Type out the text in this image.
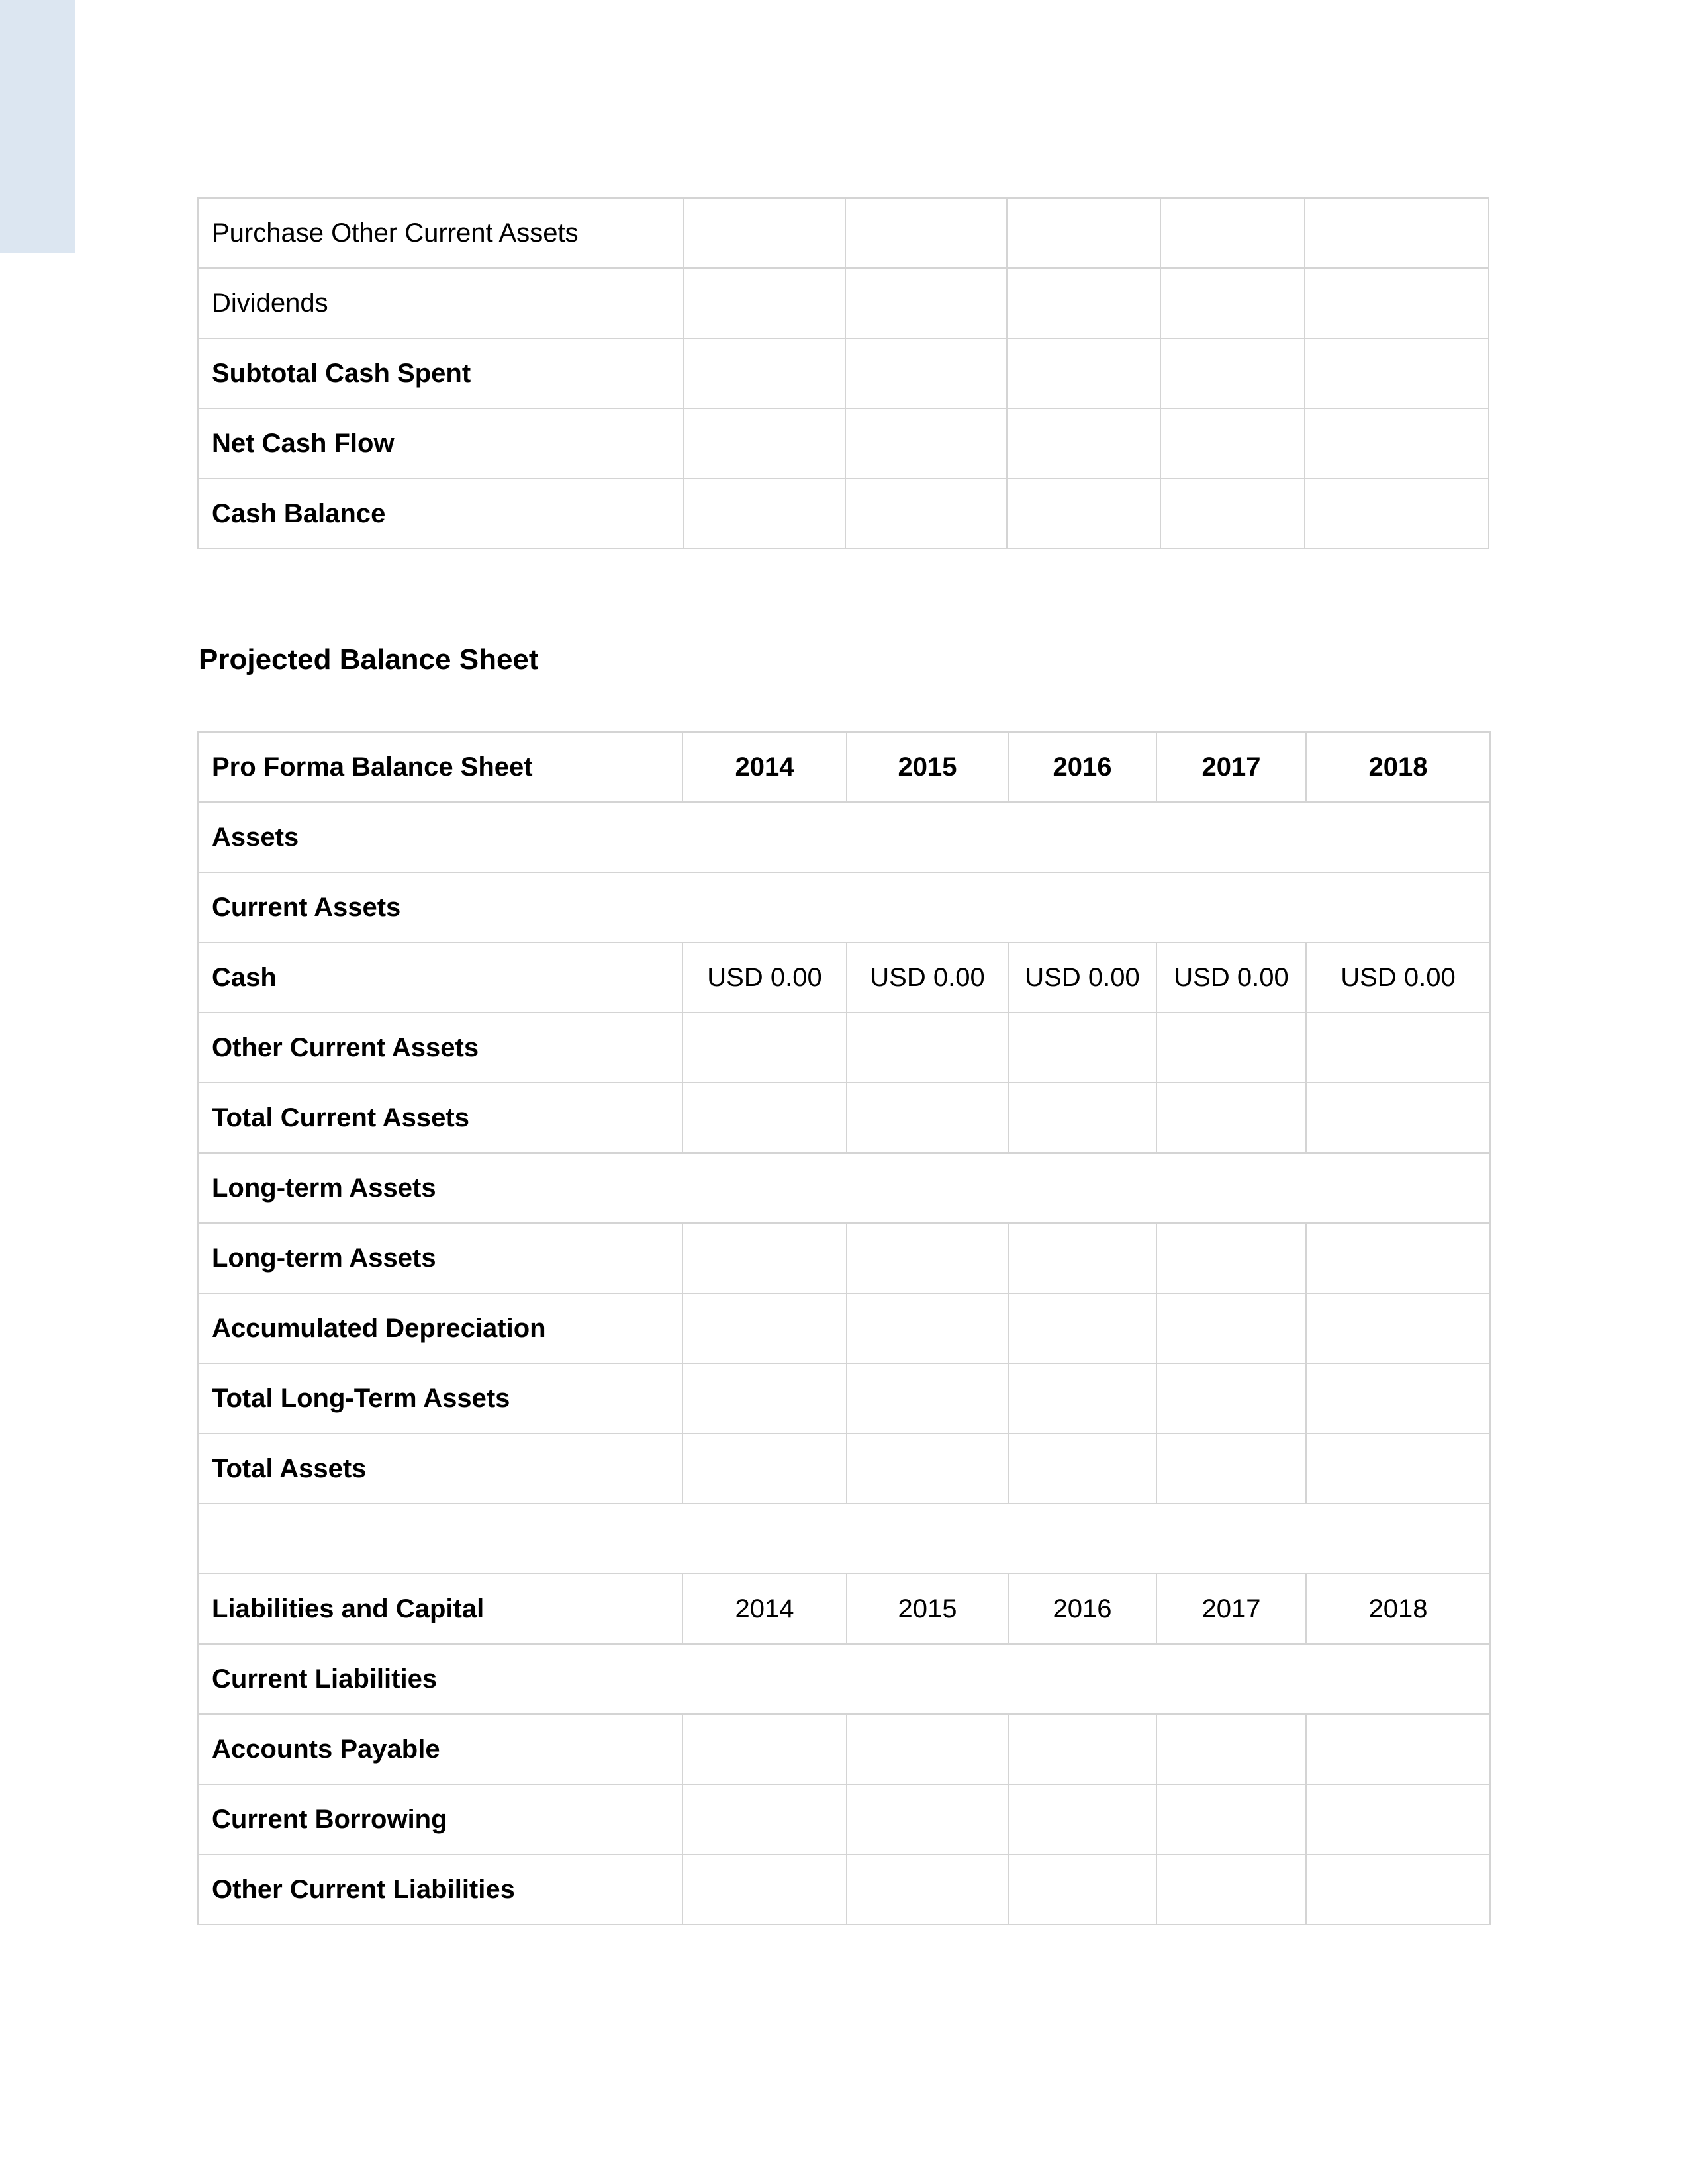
Purchase Other Current Assets					
Dividends					
Subtotal Cash Spent					
Net Cash Flow					
Cash Balance					
Projected Balance Sheet
Pro Forma Balance Sheet	2014	2015	2016	2017	2018
Assets					
Current Assets					
Cash	USD 0.00	USD 0.00	USD 0.00	USD 0.00	USD 0.00
Other Current Assets					
Total Current Assets					
Long-term Assets					
Long-term Assets					
Accumulated Depreciation					
Total Long-Term Assets					
Total Assets					

Liabilities and Capital	2014	2015	2016	2017	2018
Current Liabilities					
Accounts Payable					
Current Borrowing					
Other Current Liabilities					
